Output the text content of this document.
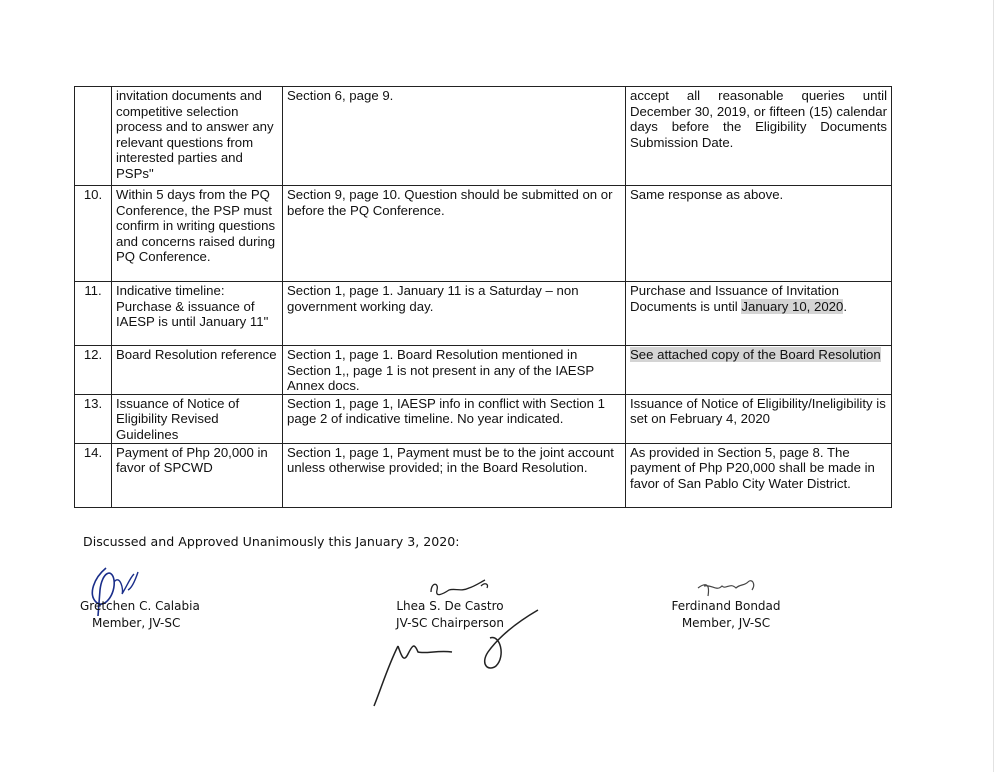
	invitation documents and competitive selection process and to answer any relevant questions from interested parties and PSPs"	Section 6, page 9.	accept all reasonable queries until December 30, 2019, or fifteen (15) calendar days before the Eligibility Documents Submission Date.
10.	Within 5 days from the PQ Conference, the PSP must confirm in writing questions and concerns raised during PQ Conference.	Section 9, page 10. Question should be submitted on or before the PQ Conference.	Same response as above.
11.	Indicative timeline: Purchase & issuance of IAESP is until January 11"	Section 1, page 1. January 11 is a Saturday – non government working day.	Purchase and Issuance of Invitation Documents is until January 10, 2020.
12.	Board Resolution reference	Section 1, page 1. Board Resolution mentioned in Section 1,, page 1 is not present in any of the IAESP Annex docs.	See attached copy of the Board Resolution
13.	Issuance of Notice of Eligibility Revised Guidelines	Section 1, page 1, IAESP info in conflict with Section 1 page 2 of indicative timeline. No year indicated.	Issuance of Notice of Eligibility/Ineligibility is set on February 4, 2020
14.	Payment of Php 20,000 in favor of SPCWD	Section 1, page 1, Payment must be to the joint account unless otherwise provided; in the Board Resolution.	As provided in Section 5, page 8. The payment of Php P20,000 shall be made in favor of San Pablo City Water District.
Discussed and Approved Unanimously this January 3, 2020:
Gretchen C. Calabia
Member, JV-SC
Lhea S. De Castro
JV-SC Chairperson
Ferdinand Bondad
Member, JV-SC
